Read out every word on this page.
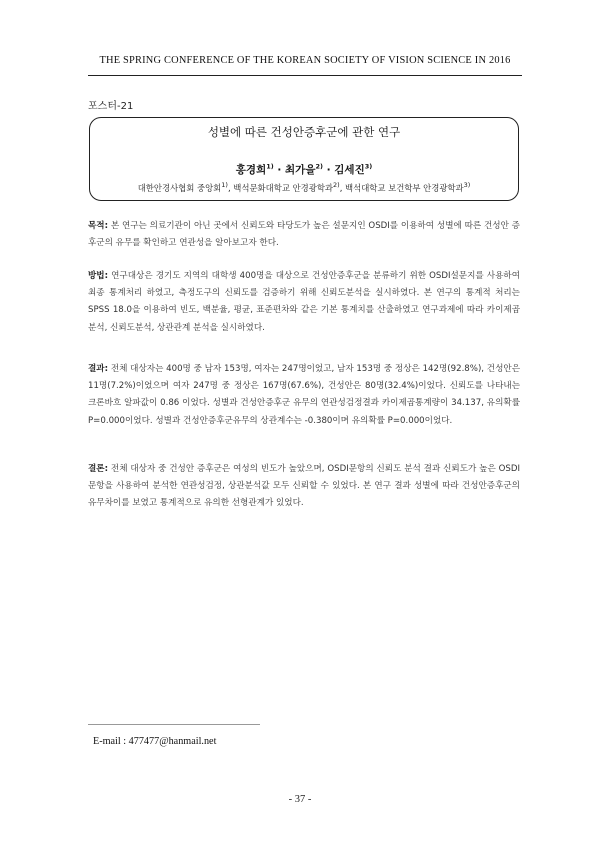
THE SPRING CONFERENCE OF THE KOREAN SOCIETY OF VISION SCIENCE IN 2016
포스터-21
성별에 따른 건성안증후군에 관한 연구
홍경희$^{1)}$ · 최가을$^{2)}$ · 김세진$^{3)}$
대한안경사협회 중앙회$^{1)}$, 백석문화대학교 안경광학과$^{2)}$, 백석대학교 보건학부 안경광학과$^{3)}$

목적: 본 연구는 의료기관이 아닌 곳에서 신뢰도와 타당도가 높은 설문지인 OSDI를 이용하여 성별에 따른 건성안 증후군의 유무를 확인하고 연관성을 알아보고자 한다.

방법: 연구대상은 경기도 지역의 대학생 400명을 대상으로 건성안증후군을 분류하기 위한 OSDI설문지를 사용하여 최종 통계처리 하였고, 측정도구의 신뢰도를 검증하기 위해 신뢰도분석을 실시하였다. 본 연구의 통계적 처리는 SPSS 18.0을 이용하여 빈도, 백분율, 평균, 표준편차와 같은 기본 통계치를 산출하였고 연구과제에 따라 카이제곱분석, 신뢰도분석, 상관관계 분석을 실시하였다.

결과: 전체 대상자는 400명 중 남자 153명, 여자는 247명이었고, 남자 153명 중 정상은 142명(92.8%), 건성안은 11명(7.2%)이었으며 여자 247명 중 정상은 167명(67.6%), 건성안은 80명(32.4%)이었다. 신뢰도를 나타내는 크론바흐 알파값이 0.86 이었다. 성별과 건성안증후군 유무의 연관성검정결과 카이제곱통계량이 34.137, 유의확률 P=0.000이었다. 성별과 건성안증후군유무의 상관계수는 -0.380이며 유의확률 P=0.000이었다.

결론: 전체 대상자 중 건성안 증후군은 여성의 빈도가 높았으며, OSDI문항의 신뢰도 분석 결과 신뢰도가 높은 OSDI 문항을 사용하여 분석한 연관성검정, 상관분석값 모두 신뢰할 수 있었다. 본 연구 결과 성별에 따라 건성안증후군의 유무차이를 보였고 통계적으로 유의한 선형관계가 있었다.

E-mail : 477477@hanmail.net
- 37 -
